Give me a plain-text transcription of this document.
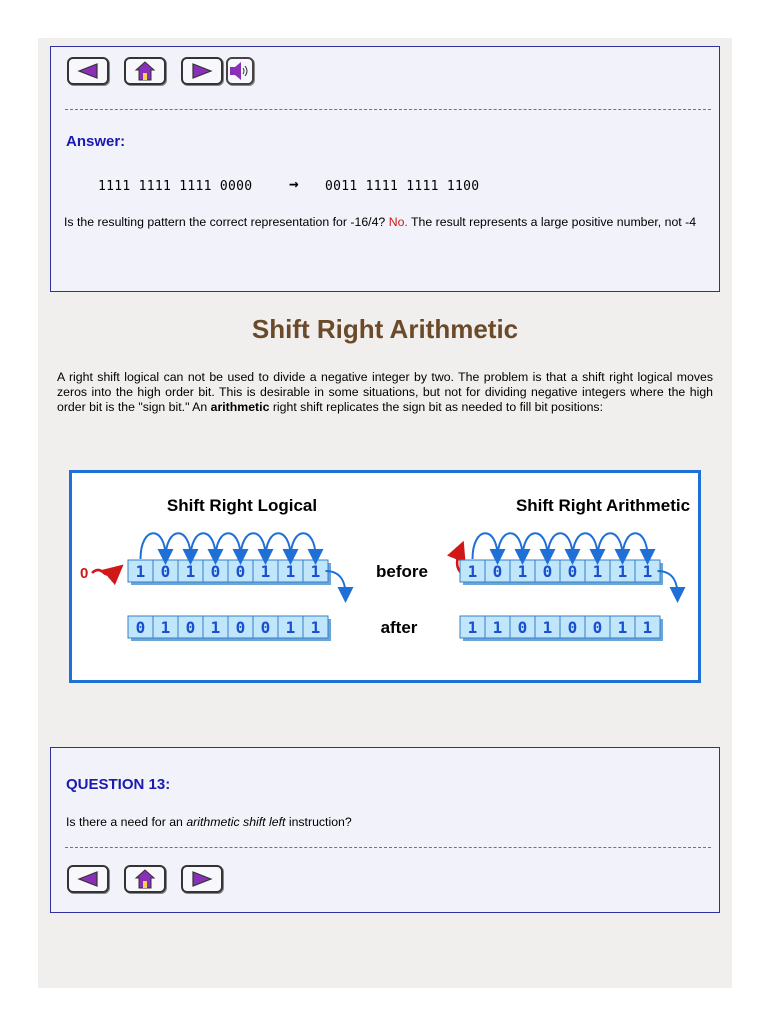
Answer:
1111 1111 1111 0000 → 0011 1111 1111 1100
Is the resulting pattern the correct representation for -16/4? No. The result represents a large positive number, not -4
Shift Right Arithmetic
A right shift logical can not be used to divide a negative integer by two. The problem is that a shift right logical moves zeros into the high order bit. This is desirable in some situations, but not for dividing negative integers where the high order bit is the "sign bit." An arithmetic right shift replicates the sign bit as needed to fill bit positions:
Shift Right Logical	Shift Right Arithmetic
before
after
0	1 0 1 0 0 1 1 1
0 1 0 1 0 0 1 1
1 0 1 0 0 1 1 1
1 1 0 1 0 0 1 1
QUESTION 13:
Is there a need for an arithmetic shift left instruction?
